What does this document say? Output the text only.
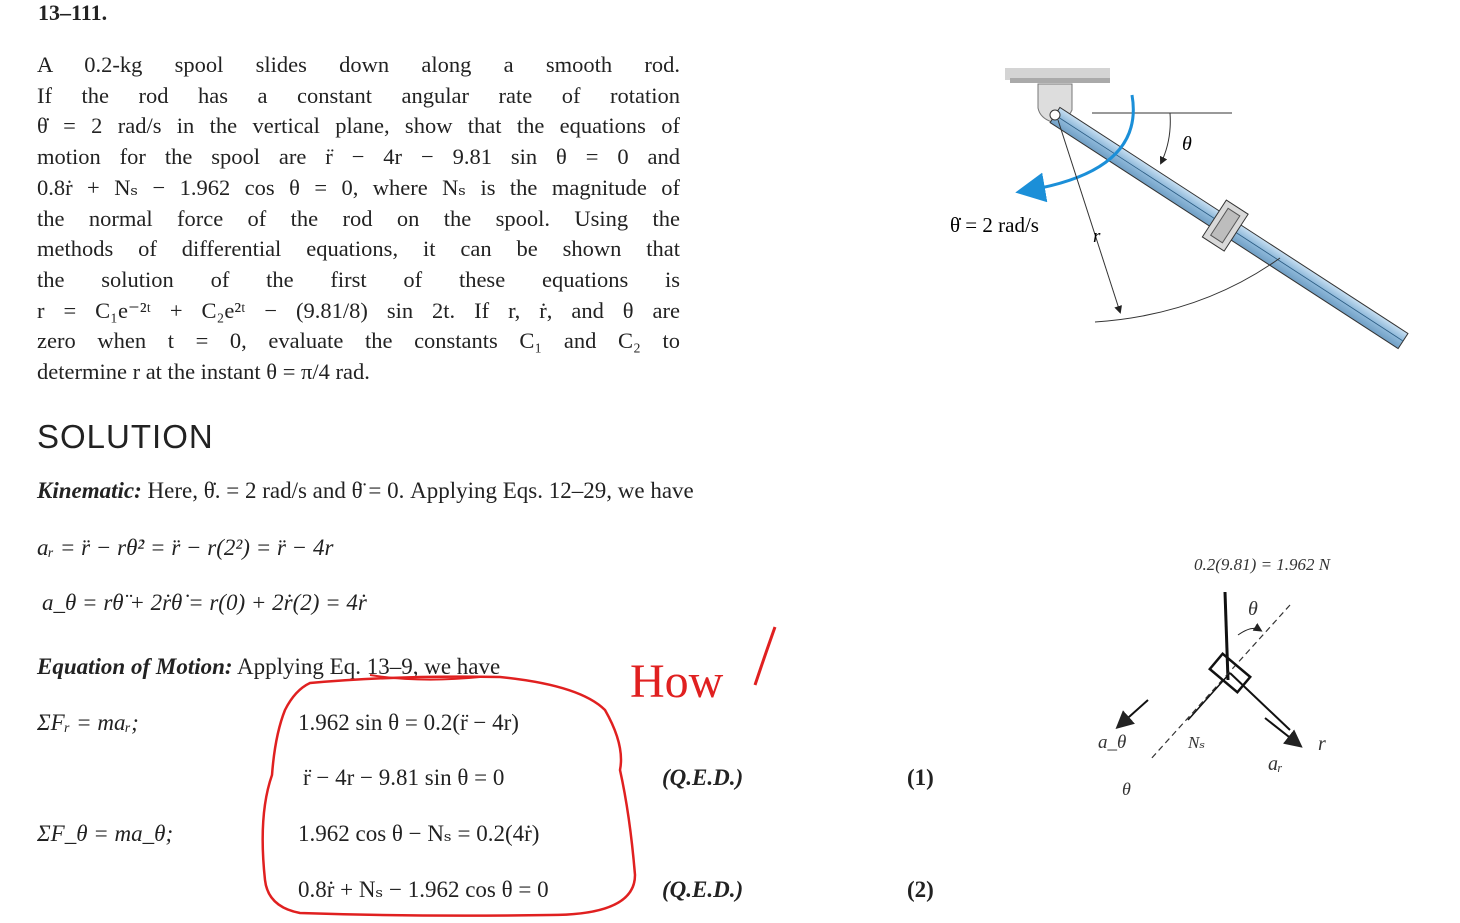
13–111.
A 0.2-kg spool slides down along a smooth rod.
If the rod has a constant angular rate of rotation
θ̇ = 2 rad/s in the vertical plane, show that the equations of
motion for the spool are r̈ − 4r − 9.81 sin θ = 0 and
0.8ṙ + Nₛ − 1.962 cos θ = 0, where Nₛ is the magnitude of
the normal force of the rod on the spool. Using the
methods of differential equations, it can be shown that
the solution of the first of these equations is
r = C₁e⁻²ᵗ + C₂e²ᵗ − (9.81/8) sin 2t. If r, ṙ, and θ are
zero when t = 0, evaluate the constants C₁ and C₂ to
determine r at the instant θ = π/4 rad.
θ
θ̇ = 2 rad/s	r
SOLUTION
Kinematic: Here, θ̇. = 2 rad/s and θ̈ = 0. Applying Eqs. 12–29, we have
aᵣ = r̈ − rθ̇² = r̈ − r(2²) = r̈ − 4r
a_θ = rθ̈ + 2ṙθ̇ = r(0) + 2ṙ(2) = 4ṙ
Equation of Motion: Applying Eq. 13–9, we have
ΣFᵣ = maᵣ;	1.962 sin θ = 0.2(r̈ − 4r)
r̈ − 4r − 9.81 sin θ = 0	(Q.E.D.)	(1)
ΣF_θ = ma_θ;	1.962 cos θ − Nₛ = 0.2(4ṙ)
0.8ṙ + Nₛ − 1.962 cos θ = 0	(Q.E.D.)	(2)
How
0.2(9.81) = 1.962 N
θ
a_θ	Nₛ
aᵣ
r
θ
